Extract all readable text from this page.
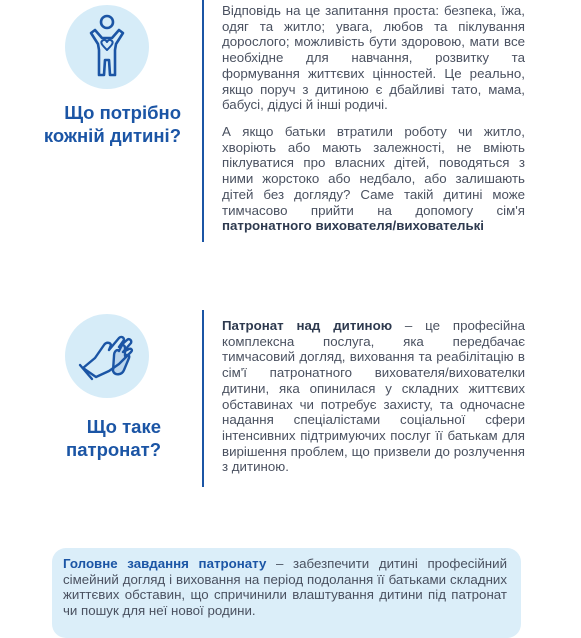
Що потрібно
кожній дитині?

Відповідь на це запитання проста: безпека, їжа, одяг та житло; увага, любов та піклування дорослого; можливість бути здоровою, мати все необхідне для навчання, розвитку та формування життєвих цінностей. Це реально, якщо поруч з дитиною є дбайливі тато, мама, бабусі, дідусі й інші родичі.

А якщо батьки втратили роботу чи житло, хворіють або мають залежності, не вміють піклуватися про власних дітей, поводяться з ними жорстоко або недбало, або залишають дітей без догляду? Саме такій дитині може тимчасово прийти на допомогу сім'я патронатного вихователя/вихователькі

Що таке
патронат?

Патронат над дитиною – це професійна комплексна послуга, яка передбачає тимчасовий догляд, виховання та реабілітацію в сім'ї патронатного вихователя/вихователки дитини, яка опинилася у складних життєвих обставинах чи потребує захисту, та одночасне надання спеціалістами соціальної сфери інтенсивних підтримуючих послуг її батькам для вирішення проблем, що призвели до розлучення з дитиною.

Головне завдання патронату – забезпечити дитині професійний сімейний догляд і виховання на період подолання її батьками складних життєвих обставин, що спричинили влаштування дитини під патронат чи пошук для неї нової родини.
